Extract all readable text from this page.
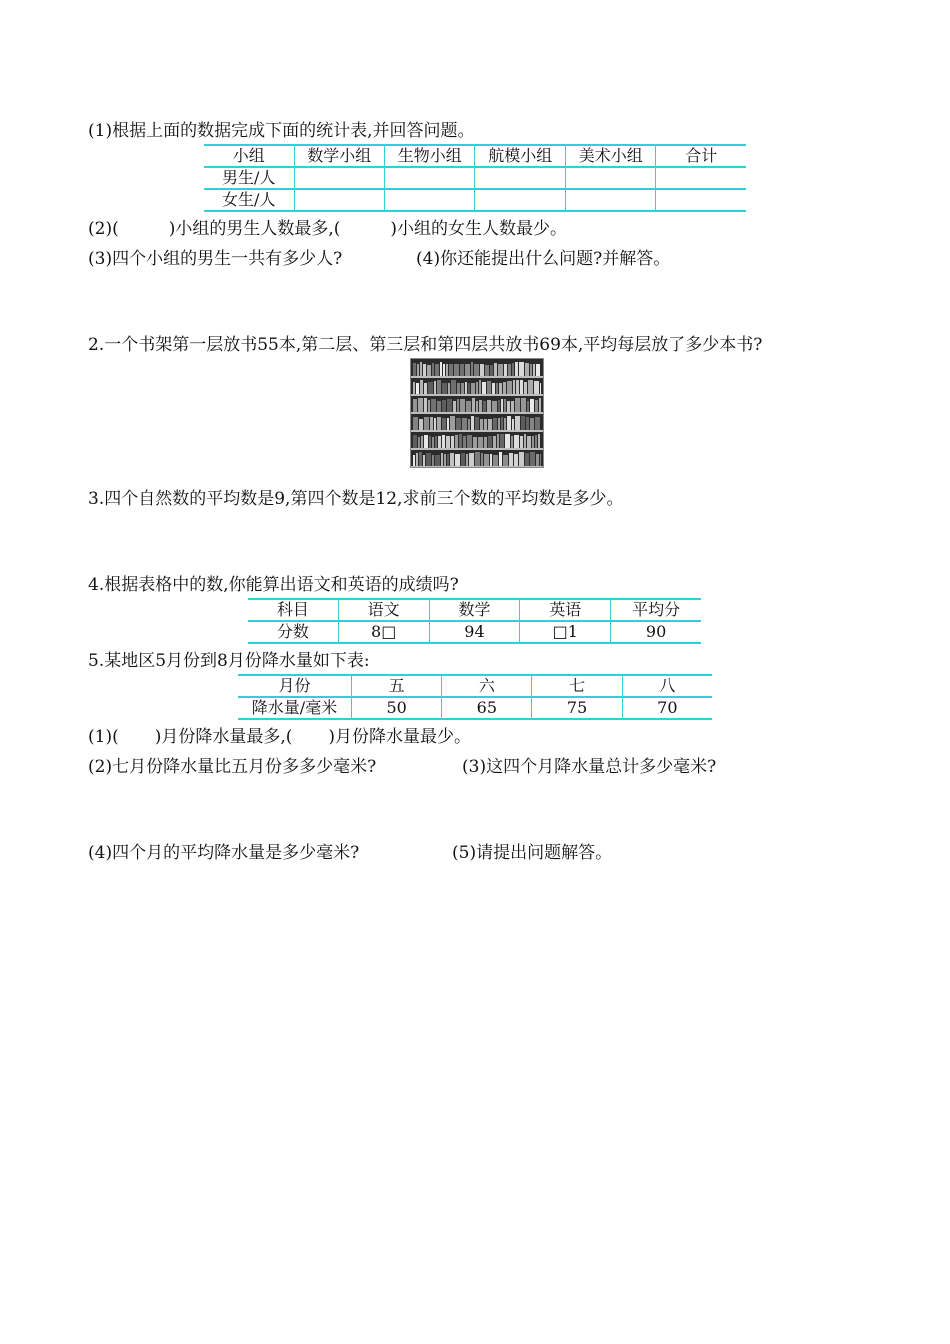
(1)根据上面的数据完成下面的统计表,并回答问题。
小组	数学小组	生物小组	航模小组	美术小组	合计
男生/人					
女生/人					
(2)(	)小组的男生人数最多,(	)小组的女生人数最少。
(3)四个小组的男生一共有多少人?	(4)你还能提出什么问题?并解答。
2.一个书架第一层放书55本,第二层、第三层和第四层共放书69本,平均每层放了多少本书?
3.四个自然数的平均数是9,第四个数是12,求前三个数的平均数是多少。
4.根据表格中的数,你能算出语文和英语的成绩吗?
科目	语文	数学	英语	平均分
分数	8□	94	□1	90
5.某地区5月份到8月份降水量如下表:
月份	五	六	七	八
降水量/毫米	50	65	75	70
(1)( )月份降水量最多,( )月份降水量最少。
(2)七月份降水量比五月份多多少毫米?	(3)这四个月降水量总计多少毫米?
(4)四个月的平均降水量是多少毫米?	(5)请提出问题解答。
